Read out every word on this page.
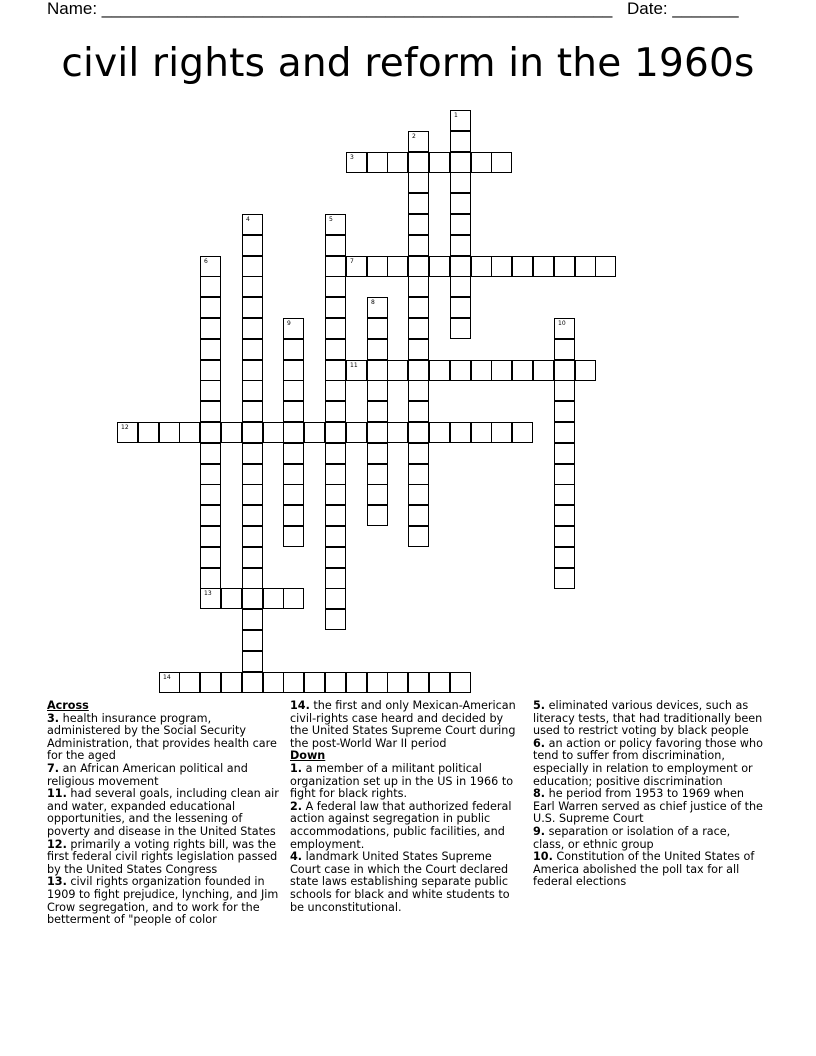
Name: ______________________________________________________ Date: _______
civil rights and reform in the 1960s
1
2
3
4	5
6	7
8
9	10
11
12
13
14
Across
3. health insurance program, administered by the Social Security Administration, that provides health care for the aged
7. an African American political and religious movement
11. had several goals, including clean air and water, expanded educational opportunities, and the lessening of poverty and disease in the United States
12. primarily a voting rights bill, was the first federal civil rights legislation passed by the United States Congress
13. civil rights organization founded in 1909 to fight prejudice, lynching, and Jim Crow segregation, and to work for the betterment of "people of color
14. the first and only Mexican-American civil-rights case heard and decided by the United States Supreme Court during the post-World War II period
Down
1. a member of a militant political organization set up in the US in 1966 to fight for black rights.
2. A federal law that authorized federal action against segregation in public accommodations, public facilities, and employment.
4. landmark United States Supreme Court case in which the Court declared state laws establishing separate public schools for black and white students to be unconstitutional.
5. eliminated various devices, such as literacy tests, that had traditionally been used to restrict voting by black people
6. an action or policy favoring those who tend to suffer from discrimination, especially in relation to employment or education; positive discrimination
8. he period from 1953 to 1969 when Earl Warren served as chief justice of the U.S. Supreme Court
9. separation or isolation of a race, class, or ethnic group
10. Constitution of the United States of America abolished the poll tax for all federal elections
